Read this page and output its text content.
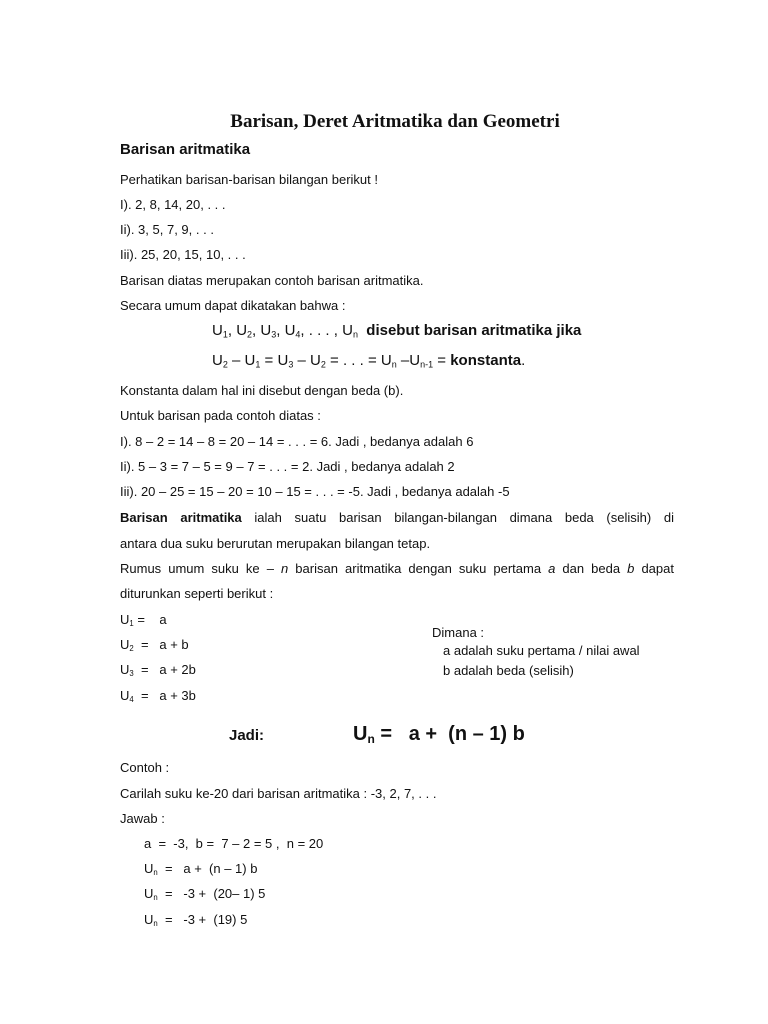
Barisan, Deret Aritmatika dan Geometri
Barisan aritmatika
Perhatikan barisan-barisan bilangan berikut !
I). 2, 8, 14, 20, . . .
Ii). 3, 5, 7, 9, . . .
Iii). 25, 20, 15, 10, . . .
Barisan diatas merupakan contoh barisan aritmatika.
Secara umum dapat dikatakan bahwa :
$U_1$, $U_2$, $U_3$, $U_4$, . . . , $U_n$ disebut barisan aritmatika jika
$U_2 - U_1 = U_3 - U_2$ = . . . = $U_n$ $-U_{n-1}$ = konstanta.
Konstanta dalam hal ini disebut dengan beda (b).
Untuk barisan pada contoh diatas :
I). 8 – 2 = 14 – 8 = 20 – 14 = . . . = 6. Jadi , bedanya adalah 6
Ii). 5 – 3 = 7 – 5 = 9 – 7 = . . . = 2. Jadi , bedanya adalah 2
Iii). 20 – 25 = 15 – 20 = 10 – 15 = . . . = -5. Jadi , bedanya adalah -5
Barisan aritmatika ialah suatu barisan bilangan-bilangan dimana beda (selisih) di
antara dua suku berurutan merupakan bilangan tetap.
Rumus umum suku ke – n barisan aritmatika dengan suku pertama a dan beda b dapat
diturunkan seperti berikut :
$U_1$ =    a
$U_2 = a + b$
$U_3 = a + 2b$
$U_4 = a + 3b$
Dimana :
a adalah suku pertama / nilai awal
b adalah beda (selisih)
Jadi:	$U_n = a + (n - 1)$ b
Contoh :
Carilah suku ke-20 dari barisan aritmatika : -3, 2, 7, . . .
Jawab :
a  =  -3,  b =  7 – 2 = 5 ,  n = 20
$U_n = a + (n - 1)$ b
$U_n = -3 + (20-$ 1) 5
$U_n = -3 + (19)$ 5
